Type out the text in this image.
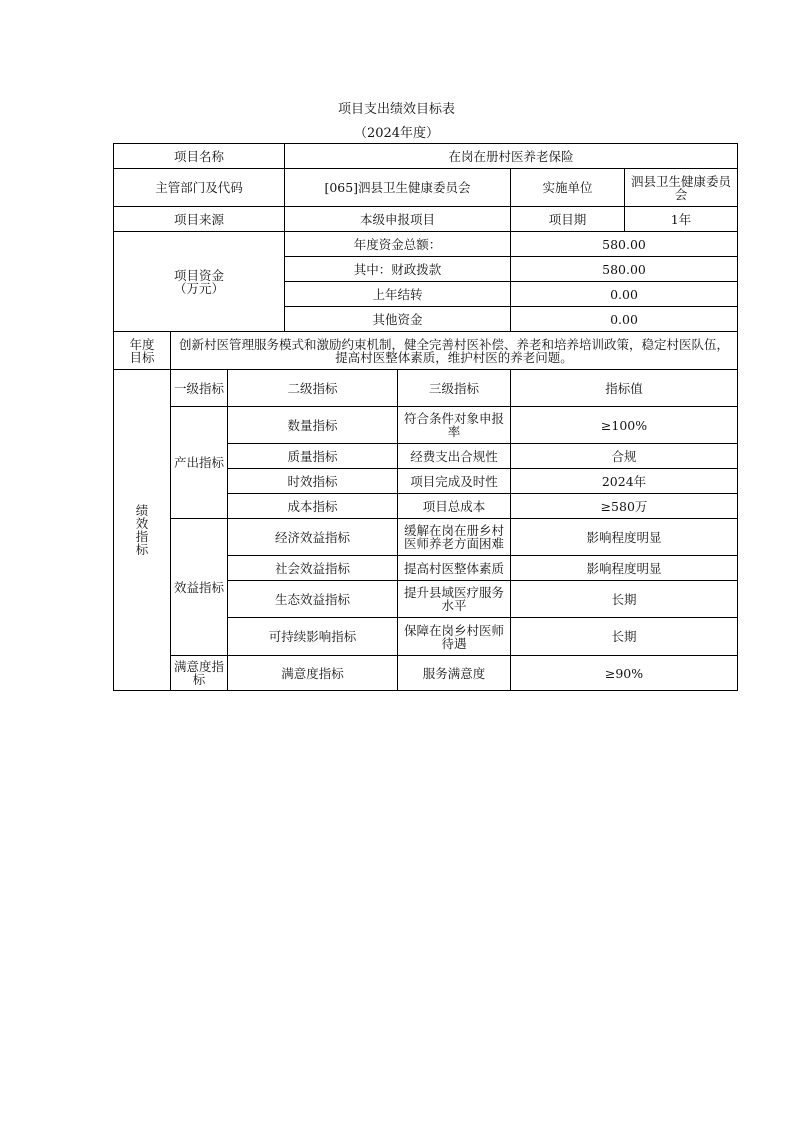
项目支出绩效目标表
（2024年度）
项目名称			在岗在册村医养老保险			
主管部门及代码			[065]泗县卫生健康委员会		实施单位	泗县卫生健康委员会
项目来源			本级申报项目		项目期	1年

项目资金
（万元）			年度资金总额：		580.00	
			其中：财政拨款		580.00	
			上年结转		0.00	
			其他资金		0.00	

年度
目标	创新村医管理服务模式和激励约束机制，健全完善村医补偿、养老和培养培训政策，稳定村医队伍，提高村医整体素质，维护村医的养老问题。					

绩
效
指
标	一级指标	二级指标		三级指标	指标值	
	产出指标	数量指标		符合条件对象申报率	≥100%	
		质量指标		经费支出合规性	合规	
		时效指标		项目完成及时性	2024年	
		成本指标		项目总成本	≥580万	
	效益指标	经济效益指标		缓解在岗在册乡村医师养老方面困难	影响程度明显	
		社会效益指标		提高村医整体素质	影响程度明显	
		生态效益指标		提升县域医疗服务水平	长期	
		可持续影响指标		保障在岗乡村医师待遇	长期	
	满意度指标	满意度指标		服务满意度	≥90%	
